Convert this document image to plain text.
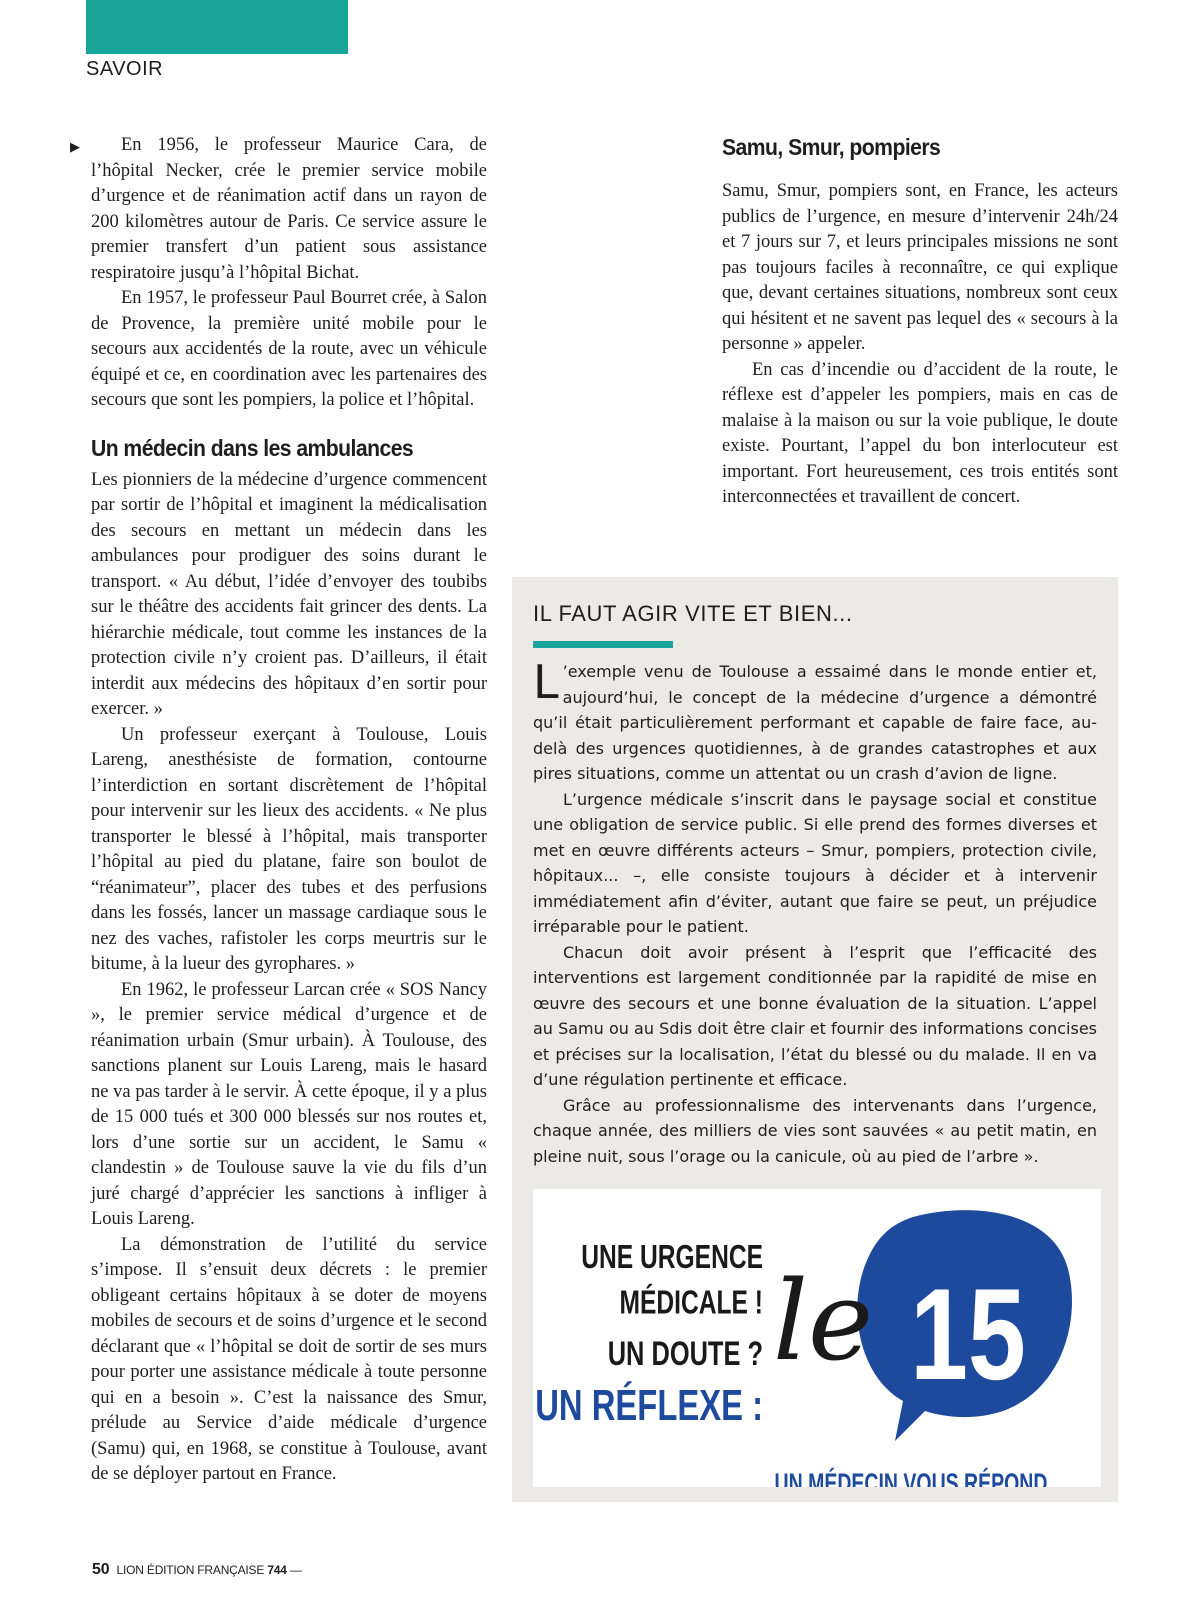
SAVOIR
▶	En 1956, le professeur Maurice Cara, de l’hôpital Necker, crée le premier service mobile d’urgence et de réanimation actif dans un rayon de 200 kilomètres autour de Paris. Ce service assure le premier transfert d’un patient sous assistance respiratoire jusqu’à l’hôpital Bichat.

En 1957, le professeur Paul Bourret crée, à Salon de Provence, la première unité mobile pour le secours aux accidentés de la route, avec un véhicule équipé et ce, en coordination avec les partenaires des secours que sont les pompiers, la police et l’hôpital.

Un médecin dans les ambulances

Les pionniers de la médecine d’urgence commencent par sortir de l’hôpital et imaginent la médicalisation des secours en mettant un médecin dans les ambulances pour prodiguer des soins durant le transport. « Au début, l’idée d’envoyer des toubibs sur le théâtre des accidents fait grincer des dents. La hiérarchie médicale, tout comme les instances de la protection civile n’y croient pas. D’ailleurs, il était interdit aux médecins des hôpitaux d’en sortir pour exercer. »

Un professeur exerçant à Toulouse, Louis Lareng, anesthésiste de formation, contourne l’interdiction en sortant discrètement de l’hôpital pour intervenir sur les lieux des accidents. « Ne plus transporter le blessé à l’hôpital, mais transporter l’hôpital au pied du platane, faire son boulot de “réanimateur”, placer des tubes et des perfusions dans les fossés, lancer un massage cardiaque sous le nez des vaches, rafistoler les corps meurtris sur le bitume, à la lueur des gyrophares. »

En 1962, le professeur Larcan crée « SOS Nancy », le premier service médical d’urgence et de réanimation urbain (Smur urbain). À Toulouse, des sanctions planent sur Louis Lareng, mais le hasard ne va pas tarder à le servir. À cette époque, il y a plus de 15 000 tués et 300 000 blessés sur nos routes et, lors d’une sortie sur un accident, le Samu « clandestin » de Toulouse sauve la vie du fils d’un juré chargé d’apprécier les sanctions à infliger à Louis Lareng.

La démonstration de l’utilité du service s’impose. Il s’ensuit deux décrets : le premier obligeant certains hôpitaux à se doter de moyens mobiles de secours et de soins d’urgence et le second déclarant que « l’hôpital se doit de sortir de ses murs pour porter une assistance médicale à toute personne qui en a besoin ». C’est la naissance des Smur, prélude au Service d’aide médicale d’urgence (Samu) qui, en 1968, se constitue à Toulouse, avant de se déployer partout en France.

Samu, Smur, pompiers

Samu, Smur, pompiers sont, en France, les acteurs publics de l’urgence, en mesure d’intervenir 24h/24 et 7 jours sur 7, et leurs principales missions ne sont pas toujours faciles à reconnaître, ce qui explique que, devant certaines situations, nombreux sont ceux qui hésitent et ne savent pas lequel des « secours à la personne » appeler.

En cas d’incendie ou d’accident de la route, le réflexe est d’appeler les pompiers, mais en cas de malaise à la maison ou sur la voie publique, le doute existe. Pourtant, l’appel du bon interlocuteur est important. Fort heureusement, ces trois entités sont interconnectées et travaillent de concert.

IL FAUT AGIR VITE ET BIEN...

L ’exemple venu de Toulouse a essaimé dans le monde entier et, aujourd’hui, le concept de la médecine d’urgence a démontré qu’il était particulièrement performant et capable de faire face, au-delà des urgences quotidiennes, à de grandes catastrophes et aux pires situations, comme un attentat ou un crash d’avion de ligne.

L’urgence médicale s’inscrit dans le paysage social et constitue une obligation de service public. Si elle prend des formes diverses et met en œuvre différents acteurs – Smur, pompiers, protection civile, hôpitaux... –, elle consiste toujours à décider et à intervenir immédiatement afin d’éviter, autant que faire se peut, un préjudice irréparable pour le patient.

Chacun doit avoir présent à l’esprit que l’efficacité des interventions est largement conditionnée par la rapidité de mise en œuvre des secours et une bonne évaluation de la situation. L’appel au Samu ou au Sdis doit être clair et fournir des informations concises et précises sur la localisation, l’état du blessé ou du malade. Il en va d’une régulation pertinente et efficace.

Grâce au professionnalisme des intervenants dans l’urgence, chaque année, des milliers de vies sont sauvées « au petit matin, en pleine nuit, sous l’orage ou la canicule, où au pied de l’arbre ».

UNE URGENCE
MÉDICALE !
UN DOUTE ?
UN RÉFLEXE : 15
le
UN MÉDECIN VOUS RÉPOND
50 LION ÉDITION FRANÇAISE 744 —
